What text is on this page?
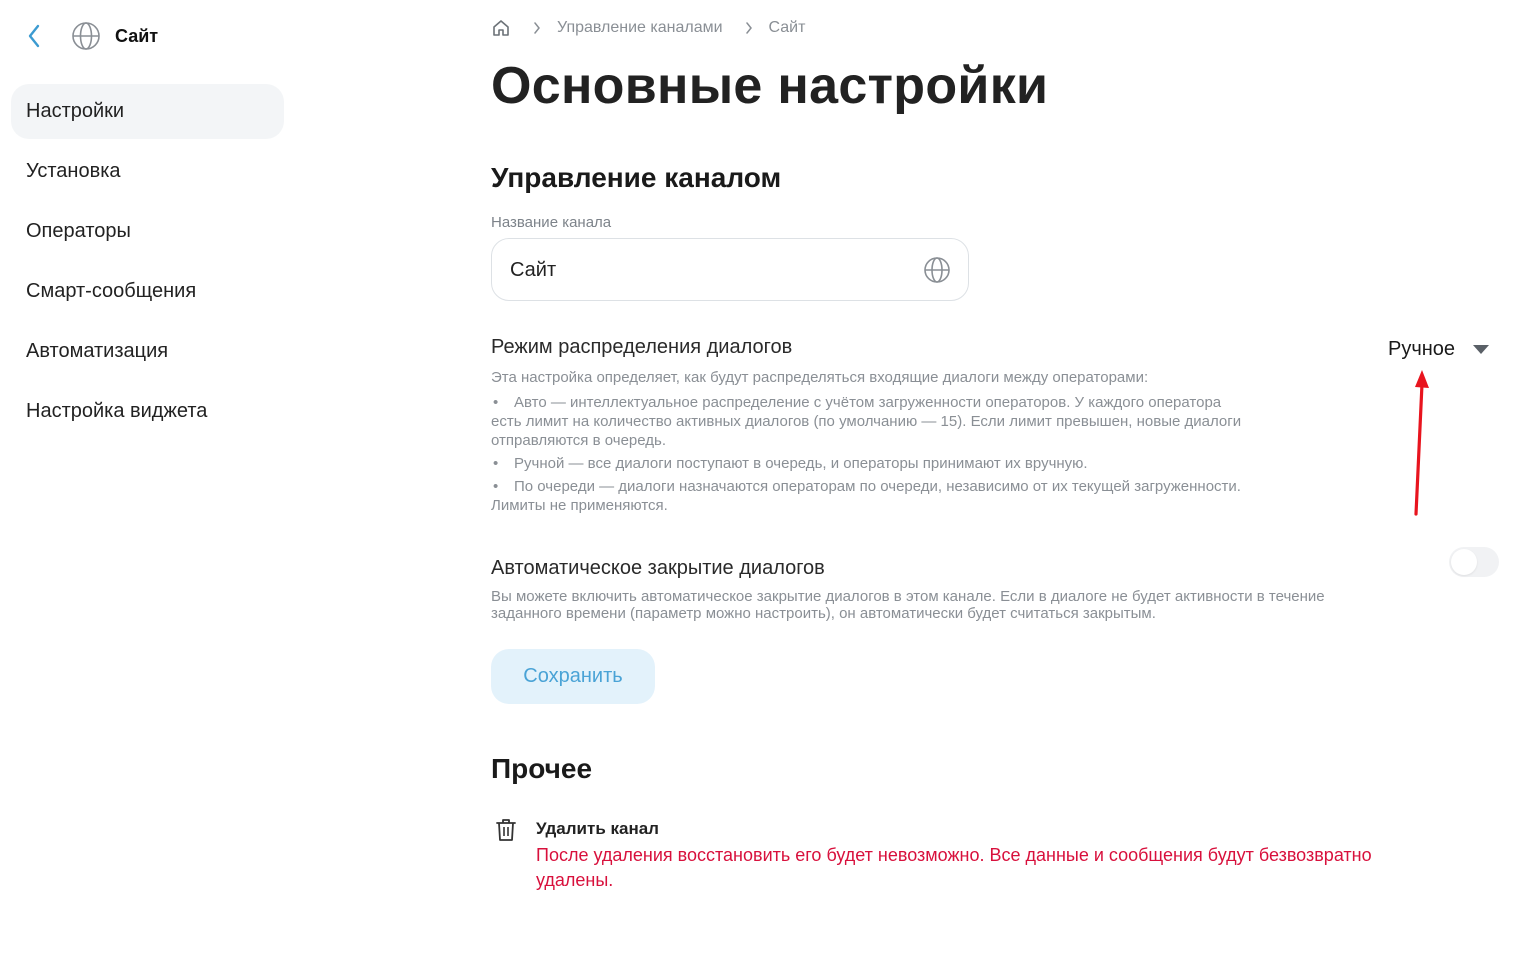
Сайт
Настройки
Установка
Операторы
Смарт-сообщения
Автоматизация
Настройка виджета
Управление каналами	Сайт
Основные настройки
Управление каналом
Название канала
Сайт
Режим распределения диалогов	Ручное
Эта настройка определяет, как будут распределяться входящие диалоги между операторами:
• Авто — интеллектуальное распределение с учётом загруженности операторов. У каждого оператора
есть лимит на количество активных диалогов (по умолчанию — 15). Если лимит превышен, новые диалоги отправляются в очередь.
• Ручной — все диалоги поступают в очередь, и операторы принимают их вручную.
• По очереди — диалоги назначаются операторам по очереди, независимо от их текущей загруженности.
Лимиты не применяются.
Автоматическое закрытие диалогов
Вы можете включить автоматическое закрытие диалогов в этом канале. Если в диалоге не будет активности в течение заданного времени (параметр можно настроить), он автоматически будет считаться закрытым.
Сохранить
Прочее
Удалить канал
После удаления восстановить его будет невозможно. Все данные и сообщения будут безвозвратно удалены.
